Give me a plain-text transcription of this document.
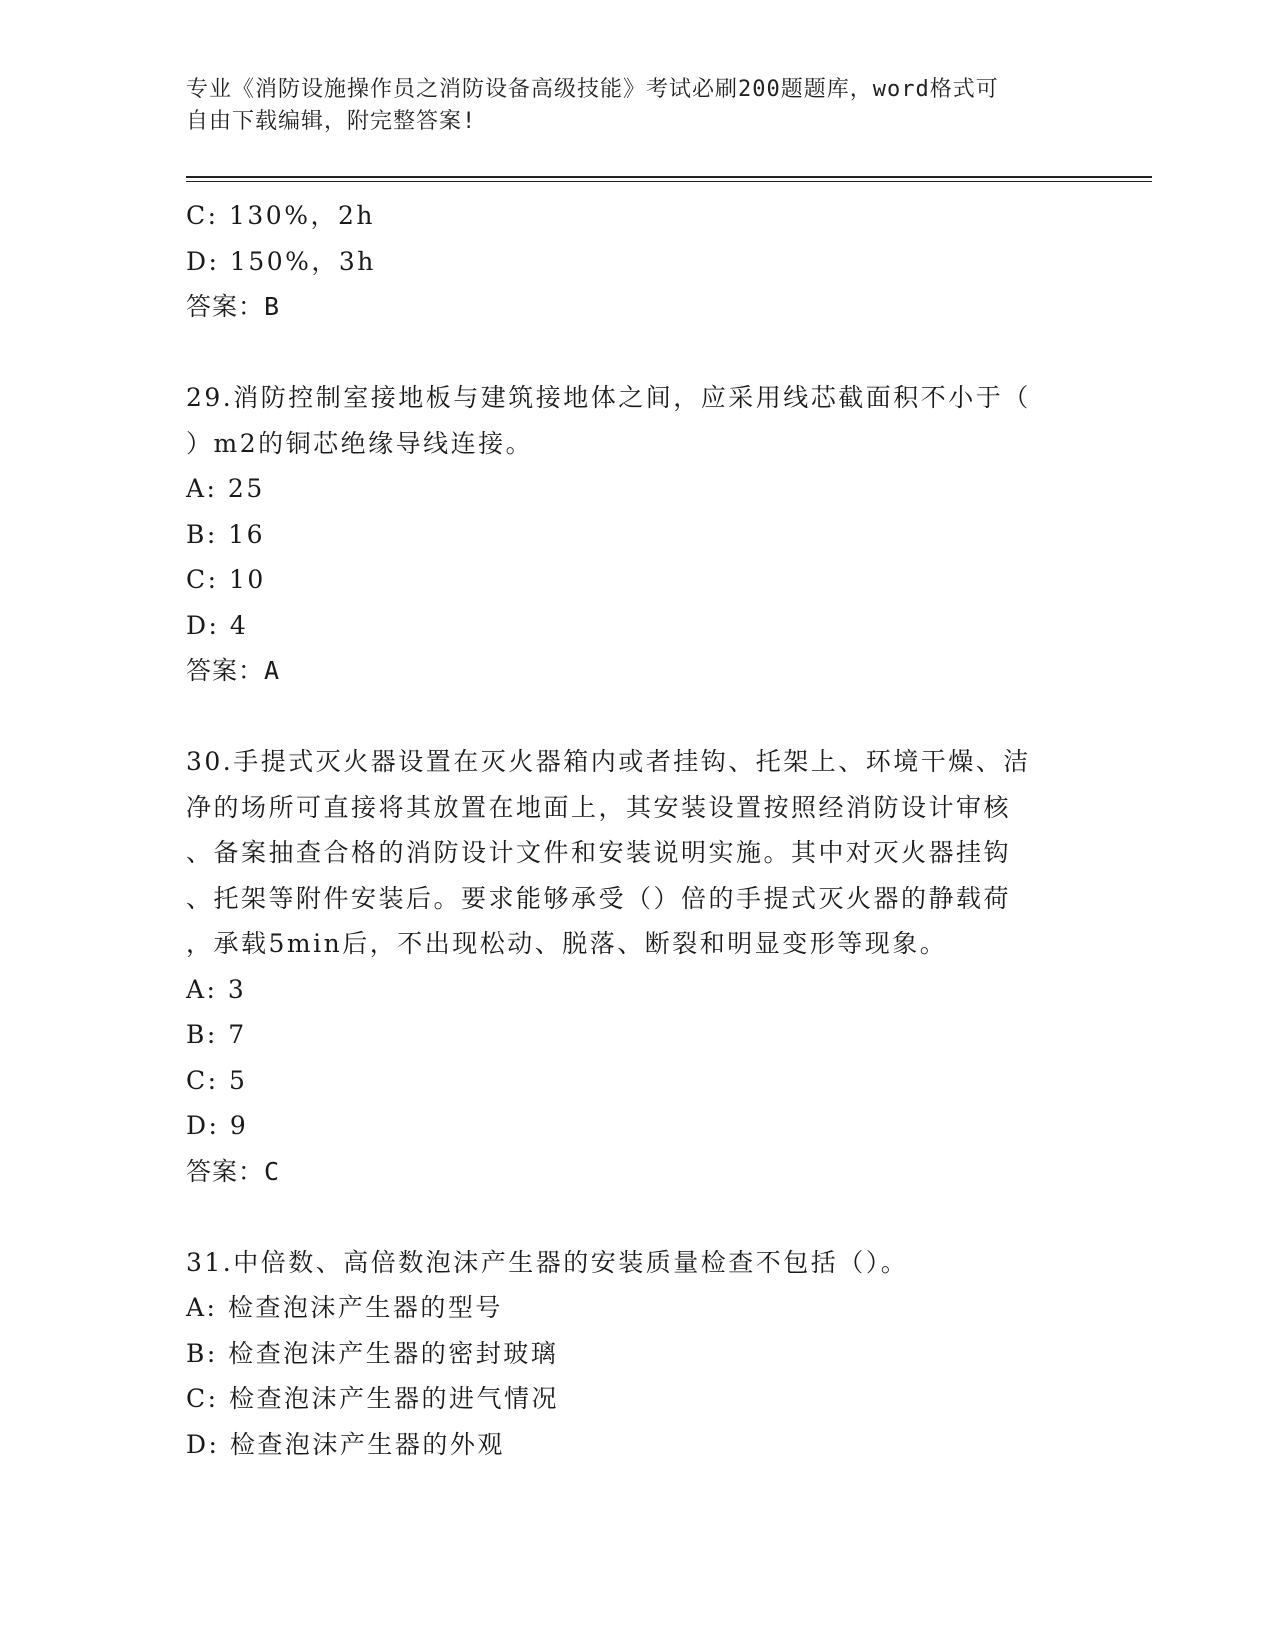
专业《消防设施操作员之消防设备高级技能》考试必刷200题题库，word格式可
自由下载编辑，附完整答案!
C: 130%，2h
D: 150%，3h
答案：B
29.消防控制室接地板与建筑接地体之间，应采用线芯截面积不小于（
）m2的铜芯绝缘导线连接。
A: 25
B: 16
C: 10
D: 4
答案：A
30.手提式灭火器设置在灭火器箱内或者挂钩、托架上、环境干燥、洁
净的场所可直接将其放置在地面上，其安装设置按照经消防设计审核
、备案抽查合格的消防设计文件和安装说明实施。其中对灭火器挂钩
、托架等附件安装后。要求能够承受（）倍的手提式灭火器的静载荷
，承载5min后，不出现松动、脱落、断裂和明显变形等现象。
A: 3
B: 7
C: 5
D: 9
答案：C
31.中倍数、高倍数泡沫产生器的安装质量检查不包括（）。
A: 检查泡沫产生器的型号
B: 检查泡沫产生器的密封玻璃
C: 检查泡沫产生器的进气情况
D: 检查泡沫产生器的外观
